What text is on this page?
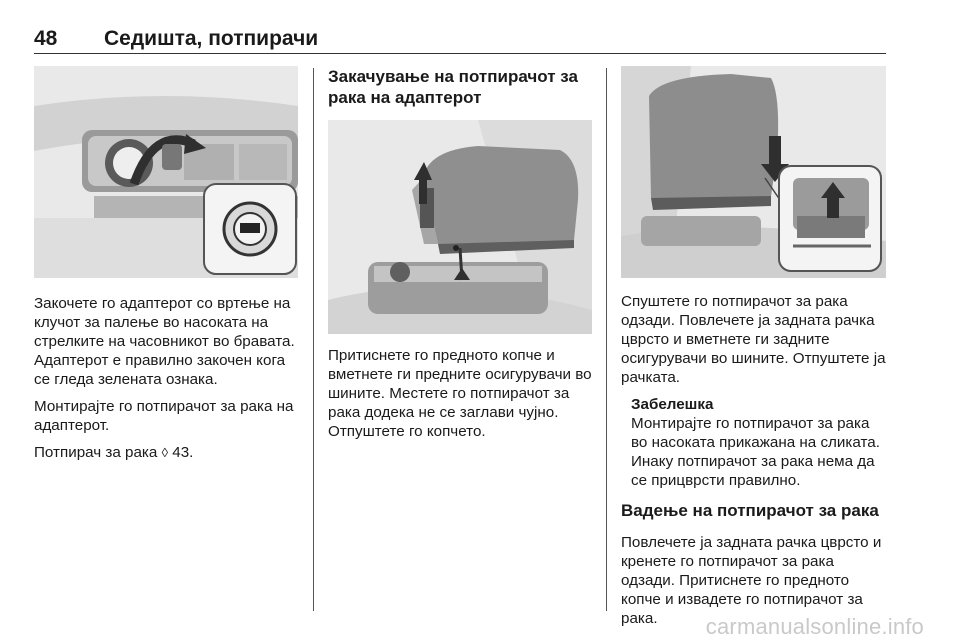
48 Седишта, потпирачи

Закочете го адаптерот со вртење на клучот за палење во насоката на стрелките на часовникот во бравата. Адаптерот е правилно закочен кога се гледа зелената ознака.

Монтирајте го потпирачот за рака на адаптерот.

Потпирач за рака ◊ 43.

Закачување на потпирачот за рака на адаптерот

Притиснете го предното копче и вметнете ги предните осигурувачи во шините. Местете го потпирачот за рака додека не се заглави чујно. Отпуштете го копчето.

Спуштете го потпирачот за рака одзади. Повлечете ја задната рачка цврсто и вметнете ги задните осигурувачи во шините. Отпуштете ја рачката.

Забелешка

Монтирајте го потпирачот за рака во насоката прикажана на сликата. Инаку потпирачот за рака нема да се прицврсти правилно.

Вадење на потпирачот за рака

Повлечете ја задната рачка цврсто и кренете го потпирачот за рака одзади. Притиснете го предното копче и извадете го потпирачот за рака.	carmanualsonline.info
